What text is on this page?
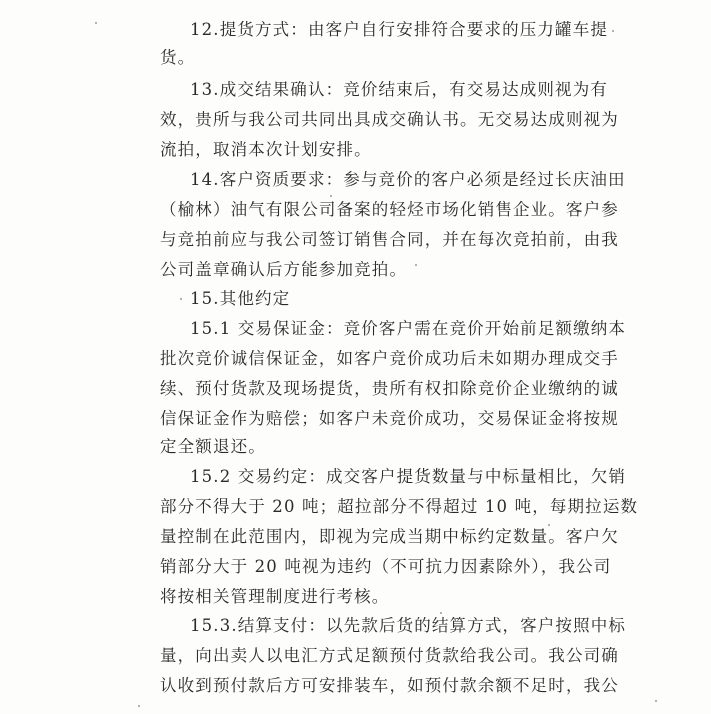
12.提货方式：由客户自行安排符合要求的压力罐车提
货。
13.成交结果确认：竞价结束后，有交易达成则视为有
效，贵所与我公司共同出具成交确认书。无交易达成则视为
流拍，取消本次计划安排。
14.客户资质要求：参与竞价的客户必须是经过长庆油田
（榆林）油气有限公司备案的轻烃市场化销售企业。客户参
与竞拍前应与我公司签订销售合同，并在每次竞拍前，由我
公司盖章确认后方能参加竞拍。
15.其他约定
15.1 交易保证金：竞价客户需在竞价开始前足额缴纳本
批次竞价诚信保证金，如客户竞价成功后未如期办理成交手
续、预付货款及现场提货，贵所有权扣除竞价企业缴纳的诚
信保证金作为赔偿；如客户未竞价成功，交易保证金将按规
定全额退还。
15.2 交易约定：成交客户提货数量与中标量相比，欠销
部分不得大于 20 吨；超拉部分不得超过 10 吨，每期拉运数
量控制在此范围内，即视为完成当期中标约定数量。客户欠
销部分大于 20 吨视为违约（不可抗力因素除外），我公司
将按相关管理制度进行考核。
15.3.结算支付：以先款后货的结算方式，客户按照中标
量，向出卖人以电汇方式足额预付货款给我公司。我公司确
认收到预付款后方可安排装车，如预付款余额不足时，我公
